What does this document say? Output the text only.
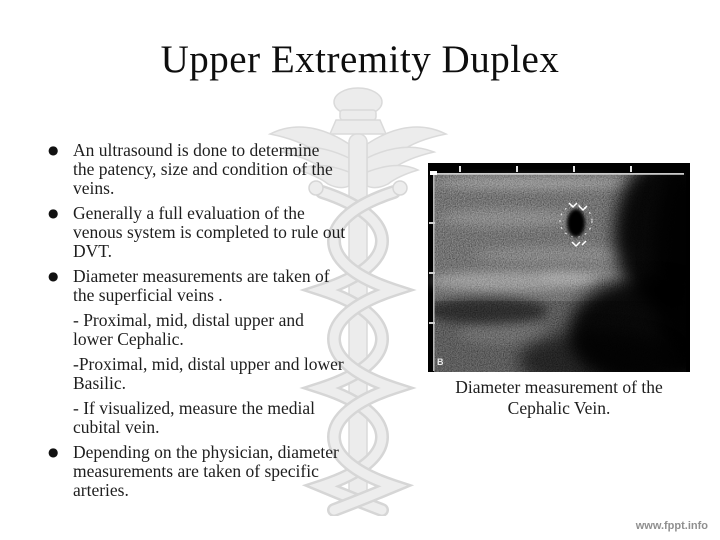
Upper Extremity Duplex
● An ultrasound is done to determine
the patency, size and condition of the
veins.
● Generally a full evaluation of the
venous system is completed to rule out
DVT.
● Diameter measurements are taken of
the superficial veins .
- Proximal, mid, distal upper and
lower Cephalic.
-Proximal, mid, distal upper and lower
Basilic.
- If visualized, measure the medial
cubital vein.
● Depending on the physician, diameter
measurements are taken of specific
arteries.
B
Diameter measurement of the
Cephalic Vein.
www.fppt.info
